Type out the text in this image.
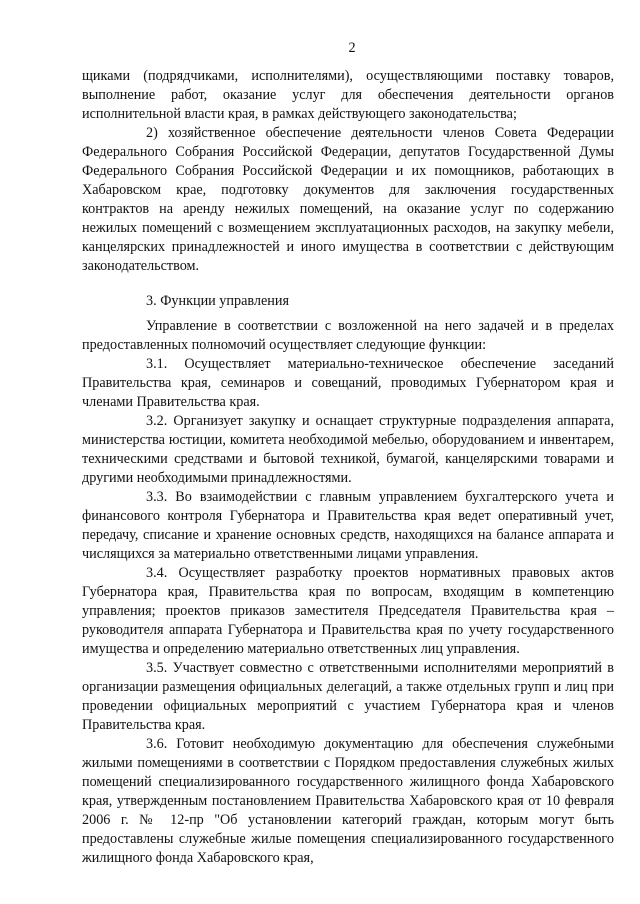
2

щиками (подрядчиками, исполнителями), осуществляющими поставку товаров, выполнение работ, оказание услуг для обеспечения деятельности органов исполнительной власти края, в рамках действующего законодательства;

2) хозяйственное обеспечение деятельности членов Совета Федерации Федерального Собрания Российской Федерации, депутатов Государственной Думы Федерального Собрания Российской Федерации и их помощников, работающих в Хабаровском крае, подготовку документов для заключения государственных контрактов на аренду нежилых помещений, на оказание услуг по содержанию нежилых помещений с возмещением эксплуатационных расходов, на закупку мебели, канцелярских принадлежностей и иного имущества в соответствии с действующим законодательством.

3. Функции управления

Управление в соответствии с возложенной на него задачей и в пределах предоставленных полномочий осуществляет следующие функции:

3.1. Осуществляет материально-техническое обеспечение заседаний Правительства края, семинаров и совещаний, проводимых Губернатором края и членами Правительства края.

3.2. Организует закупку и оснащает структурные подразделения аппарата, министерства юстиции, комитета необходимой мебелью, оборудованием и инвентарем, техническими средствами и бытовой техникой, бумагой, канцелярскими товарами и другими необходимыми принадлежностями.

3.3. Во взаимодействии с главным управлением бухгалтерского учета и финансового контроля Губернатора и Правительства края ведет оперативный учет, передачу, списание и хранение основных средств, находящихся на балансе аппарата и числящихся за материально ответственными лицами управления.

3.4. Осуществляет разработку проектов нормативных правовых актов Губернатора края, Правительства края по вопросам, входящим в компетенцию управления; проектов приказов заместителя Председателя Правительства края – руководителя аппарата Губернатора и Правительства края по учету государственного имущества и определению материально ответственных лиц управления.

3.5. Участвует совместно с ответственными исполнителями мероприятий в организации размещения официальных делегаций, а также отдельных групп и лиц при проведении официальных мероприятий с участием Губернатора края и членов Правительства края.

3.6. Готовит необходимую документацию для обеспечения служебными жилыми помещениями в соответствии с Порядком предоставления служебных жилых помещений специализированного государственного жилищного фонда Хабаровского края, утвержденным постановлением Правительства Хабаровского края от 10 февраля 2006 г. № 12-пр "Об установлении категорий граждан, которым могут быть предоставлены служебные жилые помещения специализированного государственного жилищного фонда Хабаровского края,
